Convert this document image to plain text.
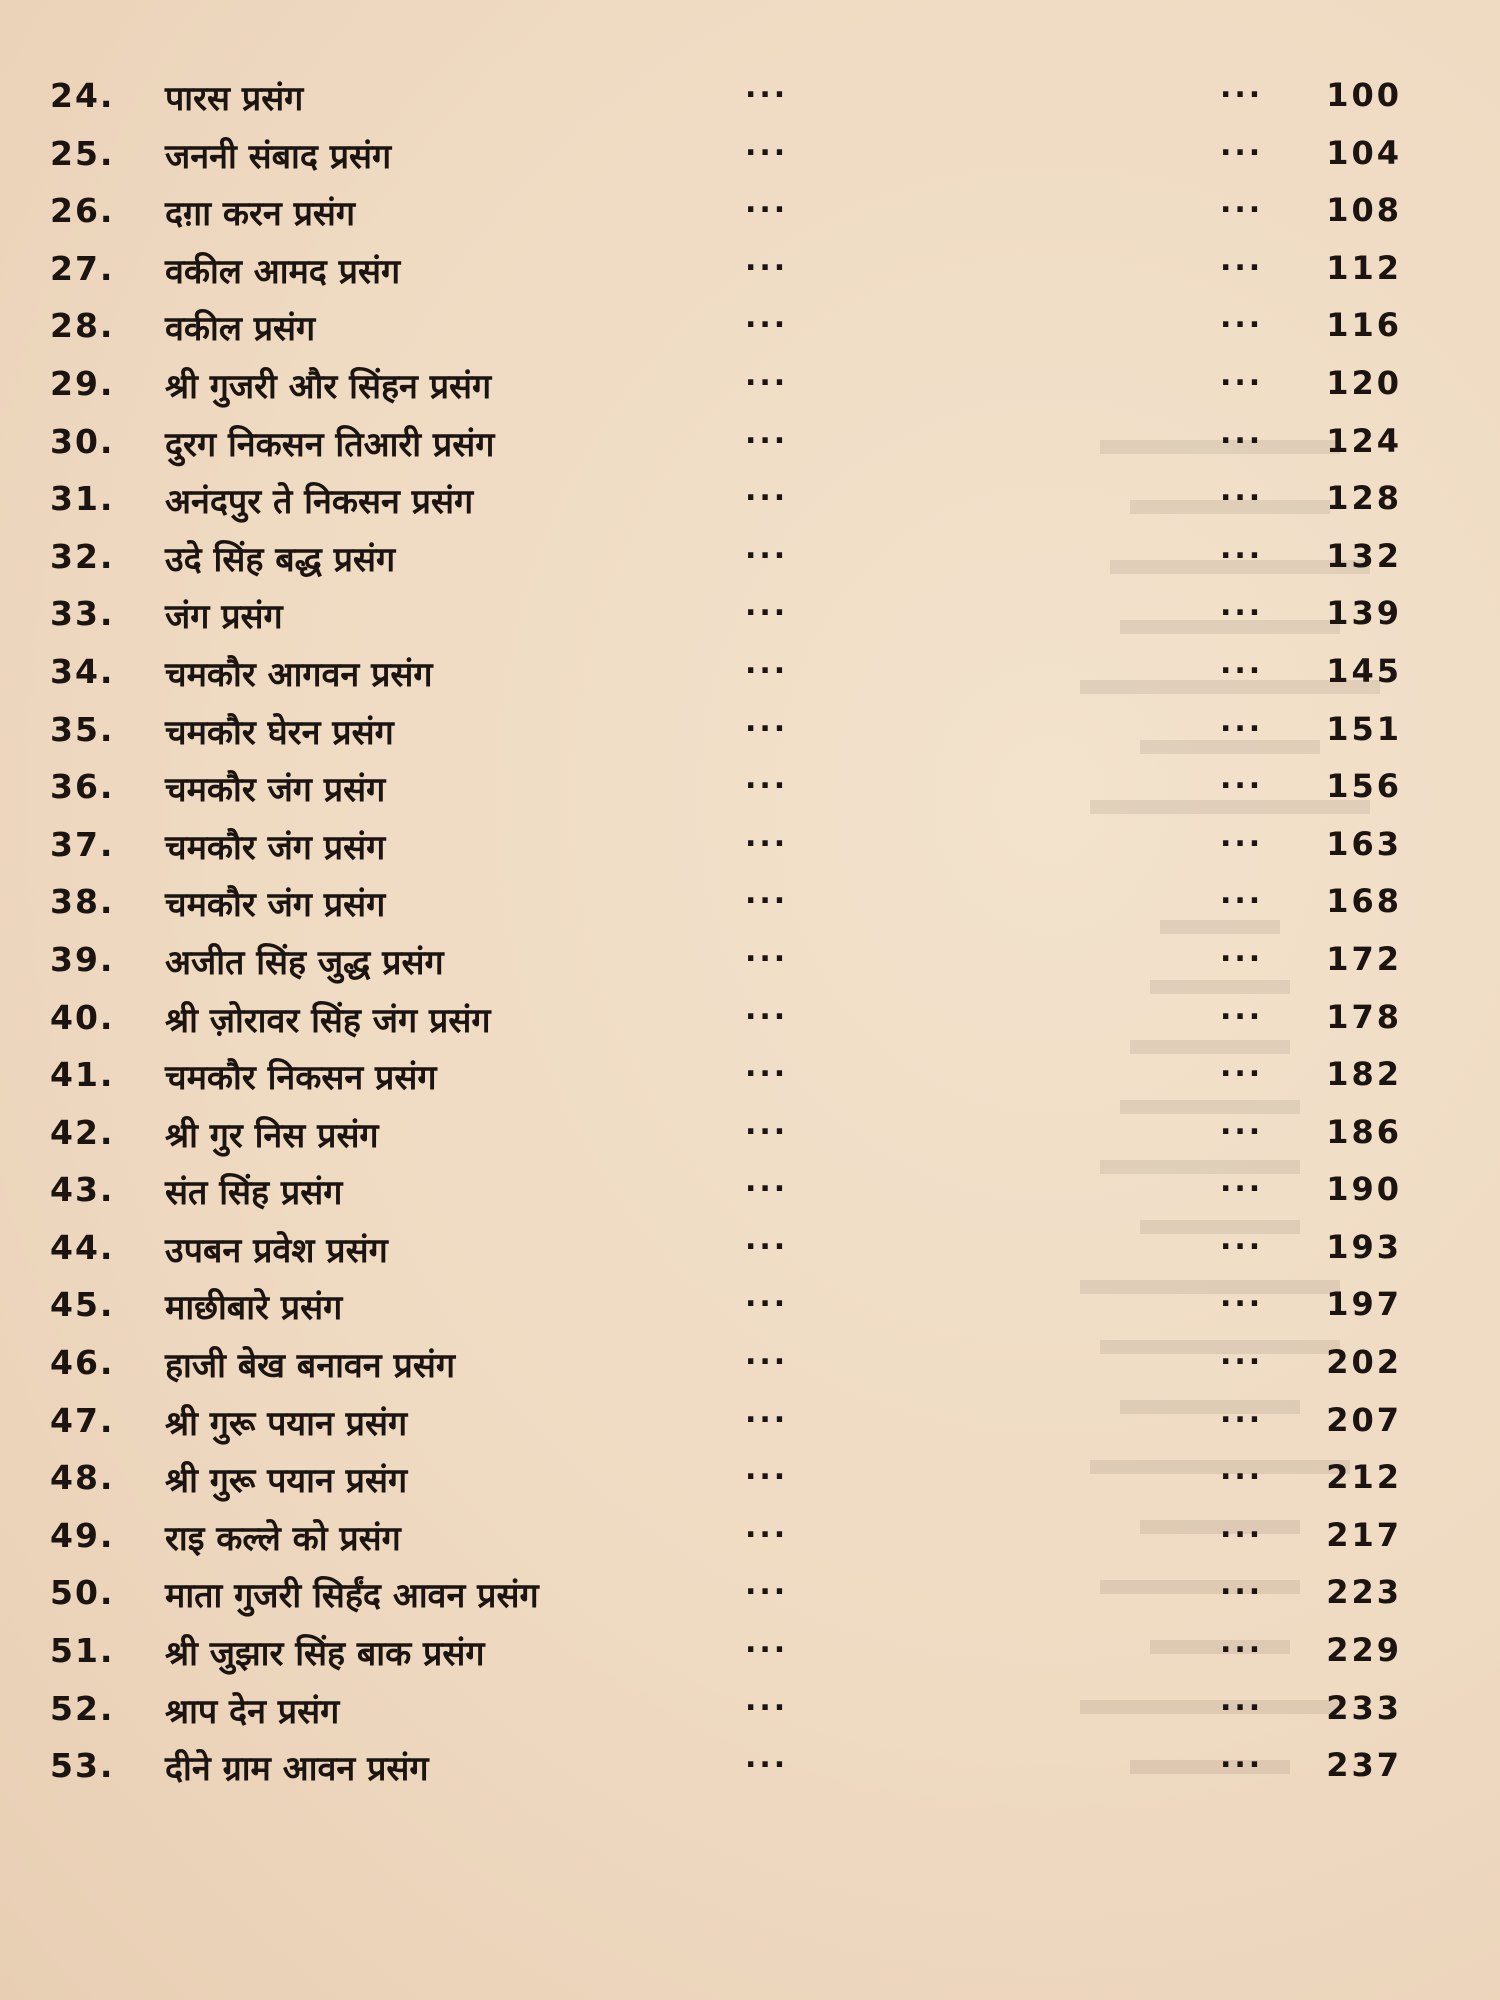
24. पारस प्रसंग	...	... 100
25. जननी संबाद प्रसंग	...	... 104
26. दग़ा करन प्रसंग	...	... 108
27. वकील आमद प्रसंग	...	... 112
28. वकील प्रसंग	...	... 116
29. श्री गुजरी और सिंहन प्रसंग	...	... 120
30. दुरग निकसन तिआरी प्रसंग	...	... 124
31. अनंदपुर ते निकसन प्रसंग	...	... 128
32. उदे सिंह बद्ध प्रसंग	...	... 132
33. जंग प्रसंग	...	... 139
34. चमकौर आगवन प्रसंग	...	... 145
35. चमकौर घेरन प्रसंग	...	... 151
36. चमकौर जंग प्रसंग	...	... 156
37. चमकौर जंग प्रसंग	...	... 163
38. चमकौर जंग प्रसंग	...	... 168
39. अजीत सिंह जुद्ध प्रसंग	...	... 172
40. श्री ज़ोरावर सिंह जंग प्रसंग	...	... 178
41. चमकौर निकसन प्रसंग	...	... 182
42. श्री गुर निस प्रसंग	...	... 186
43. संत सिंह प्रसंग	...	... 190
44. उपबन प्रवेश प्रसंग	...	... 193
45. माछीबारे प्रसंग	...	... 197
46. हाजी बेख बनावन प्रसंग	...	... 202
47. श्री गुरू पयान प्रसंग	...	... 207
48. श्री गुरू पयान प्रसंग	...	... 212
49. राइ कल्ले को प्रसंग	...	... 217
50. माता गुजरी सिर्हंद आवन प्रसंग	...	... 223
51. श्री जुझार सिंह बाक प्रसंग	...	... 229
52. श्राप देन प्रसंग	...	... 233
53. दीने ग्राम आवन प्रसंग	...	... 237
